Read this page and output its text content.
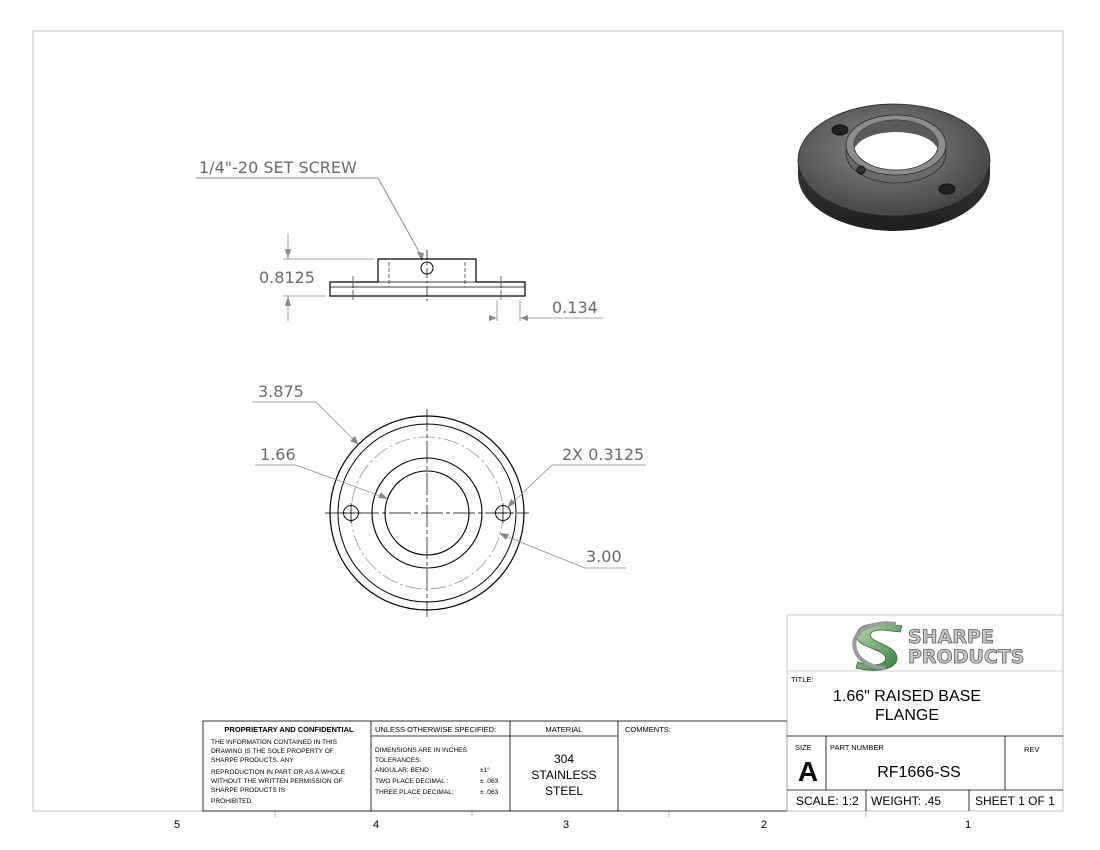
5	4	3	2	1
1/4"-20 SET SCREW
0.8125
0.134
3.875
1.66	2X 0.3125
3.00
PROPRIETARY AND CONFIDENTIAL
THE INFORMATION CONTAINED IN THIS
DRAWING IS THE SOLE PROPERTY OF
SHARPE PRODUCTS. ANY
REPRODUCTION IN PART OR AS A WHOLE
WITHOUT THE WRITTEN PERMISSION OF
SHARPE PRODUCTS IS
PROHIBITED.
UNLESS OTHERWISE SPECIFIED:
DIMENSIONS ARE IN INCHES
TOLERANCES:
ANGULAR: BEND :	±1°
TWO PLACE DECIMAL :	± .063
THREE PLACE DECIMAL:	± .063
MATERIAL
304
STAINLESS
STEEL
COMMENTS:
SHARPE
PRODUCTS
TITLE:
1.66" RAISED BASE
FLANGE
SIZE
A
PART NUMBER
RF1666-SS
REV
SCALE: 1:2 WEIGHT: .45	SHEET 1 OF 1
